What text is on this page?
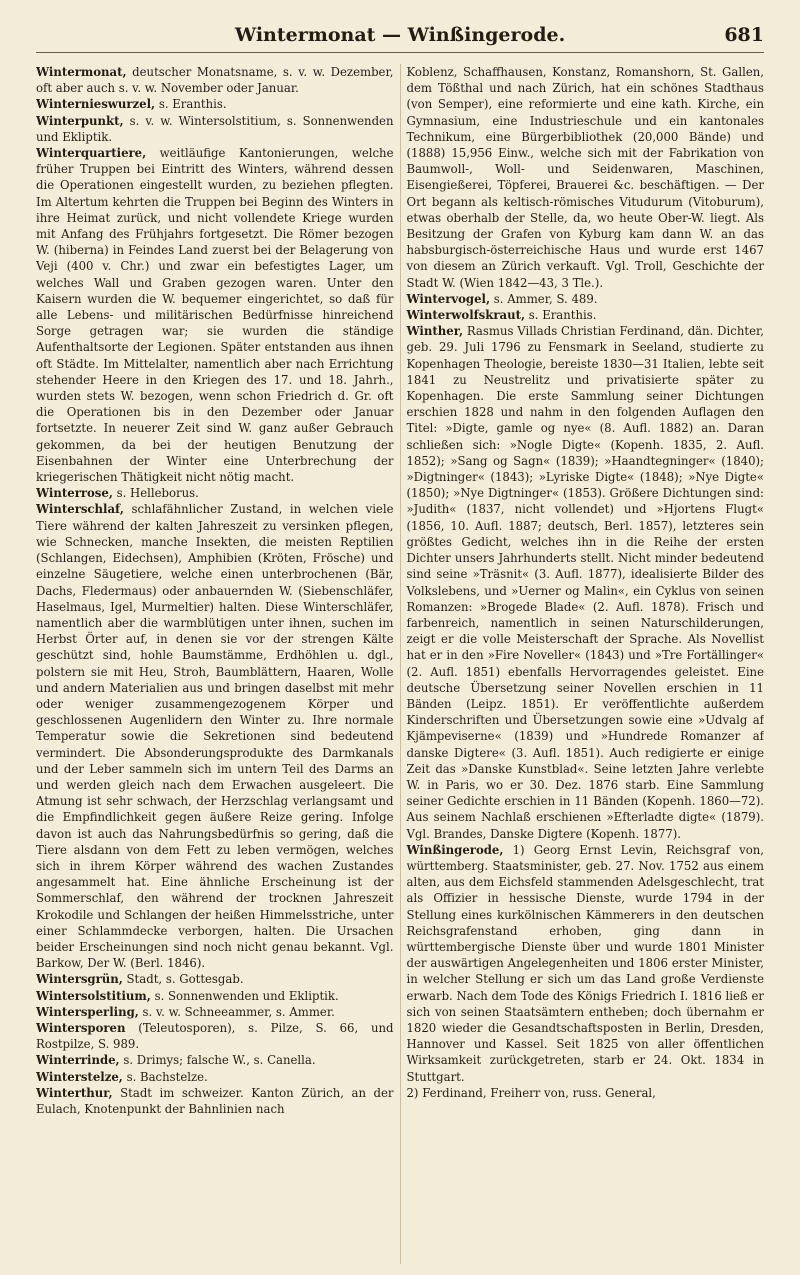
Wintermonat — Winßingerode.	681

Wintermonat, deutscher Monatsname, s. v. w. Dezember, oft aber auch s. v. w. November oder Januar.

Winternieswurzel, s. Eranthis.

Winterpunkt, s. v. w. Wintersolstitium, s. Sonnenwenden und Ekliptik.

Winterquartiere, weitläufige Kantonierungen, welche früher Truppen bei Eintritt des Winters, während dessen die Operationen eingestellt wurden, zu beziehen pflegten. Im Altertum kehrten die Truppen bei Beginn des Winters in ihre Heimat zurück, und nicht vollendete Kriege wurden mit Anfang des Frühjahrs fortgesetzt. Die Römer bezogen W. (hiberna) in Feindes Land zuerst bei der Belagerung von Veji (400 v. Chr.) und zwar ein befestigtes Lager, um welches Wall und Graben gezogen waren. Unter den Kaisern wurden die W. bequemer eingerichtet, so daß für alle Lebens- und militärischen Bedürfnisse hinreichend Sorge getragen war; sie wurden die ständige Aufenthaltsorte der Legionen. Später entstanden aus ihnen oft Städte. Im Mittelalter, namentlich aber nach Errichtung stehender Heere in den Kriegen des 17. und 18. Jahrh., wurden stets W. bezogen, wenn schon Friedrich d. Gr. oft die Operationen bis in den Dezember oder Januar fortsetzte. In neuerer Zeit sind W. ganz außer Gebrauch gekommen, da bei der heutigen Benutzung der Eisenbahnen der Winter eine Unterbrechung der kriegerischen Thätigkeit nicht nötig macht.

Winterrose, s. Helleborus.

Winterschlaf, schlafähnlicher Zustand, in welchen viele Tiere während der kalten Jahreszeit zu versinken pflegen, wie Schnecken, manche Insekten, die meisten Reptilien (Schlangen, Eidechsen), Amphibien (Kröten, Frösche) und einzelne Säugetiere, welche einen unterbrochenen (Bär, Dachs, Fledermaus) oder anbauernden W. (Siebenschläfer, Haselmaus, Igel, Murmeltier) halten. Diese Winterschläfer, namentlich aber die warmblütigen unter ihnen, suchen im Herbst Örter auf, in denen sie vor der strengen Kälte geschützt sind, hohle Baumstämme, Erdhöhlen u. dgl., polstern sie mit Heu, Stroh, Baumblättern, Haaren, Wolle und andern Materialien aus und bringen daselbst mit mehr oder weniger zusammengezogenem Körper und geschlossenen Augenlidern den Winter zu. Ihre normale Temperatur sowie die Sekretionen sind bedeutend vermindert. Die Absonderungsprodukte des Darmkanals und der Leber sammeln sich im untern Teil des Darms an und werden gleich nach dem Erwachen ausgeleert. Die Atmung ist sehr schwach, der Herzschlag verlangsamt und die Empfindlichkeit gegen äußere Reize gering. Infolge davon ist auch das Nahrungsbedürfnis so gering, daß die Tiere alsdann von dem Fett zu leben vermögen, welches sich in ihrem Körper während des wachen Zustandes angesammelt hat. Eine ähnliche Erscheinung ist der Sommerschlaf, den während der trocknen Jahreszeit Krokodile und Schlangen der heißen Himmelsstriche, unter einer Schlammdecke verborgen, halten. Die Ursachen beider Erscheinungen sind noch nicht genau bekannt. Vgl. Barkow, Der W. (Berl. 1846).

Wintersgrün, Stadt, s. Gottesgab.

Wintersolstitium, s. Sonnenwenden und Ekliptik.

Wintersperling, s. v. w. Schneeammer, s. Ammer.

Wintersporen (Teleutosporen), s. Pilze, S. 66, und Rostpilze, S. 989.

Winterrinde, s. Drimys; falsche W., s. Canella.

Winterstelze, s. Bachstelze.

Winterthur, Stadt im schweizer. Kanton Zürich, an der Eulach, Knotenpunkt der Bahnlinien nach

Koblenz, Schaffhausen, Konstanz, Romanshorn, St. Gallen, dem Tößthal und nach Zürich, hat ein schönes Stadthaus (von Semper), eine reformierte und eine kath. Kirche, ein Gymnasium, eine Industrieschule und ein kantonales Technikum, eine Bürgerbibliothek (20,000 Bände) und (1888) 15,956 Einw., welche sich mit der Fabrikation von Baumwoll-, Woll- und Seidenwaren, Maschinen, Eisengießerei, Töpferei, Brauerei &c. beschäftigen. — Der Ort begann als keltisch-römisches Vitudurum (Vitoburum), etwas oberhalb der Stelle, da, wo heute Ober-W. liegt. Als Besitzung der Grafen von Kyburg kam dann W. an das habsburgisch-österreichische Haus und wurde erst 1467 von diesem an Zürich verkauft. Vgl. Troll, Geschichte der Stadt W. (Wien 1842—43, 3 Tle.).

Wintervogel, s. Ammer, S. 489.

Winterwolfskraut, s. Eranthis.

Winther, Rasmus Villads Christian Ferdinand, dän. Dichter, geb. 29. Juli 1796 zu Fensmark in Seeland, studierte zu Kopenhagen Theologie, bereiste 1830—31 Italien, lebte seit 1841 zu Neustrelitz und privatisierte später zu Kopenhagen. Die erste Sammlung seiner Dichtungen erschien 1828 und nahm in den folgenden Auflagen den Titel: »Digte, gamle og nye« (8. Aufl. 1882) an. Daran schließen sich: »Nogle Digte« (Kopenh. 1835, 2. Aufl. 1852); »Sang og Sagn« (1839); »Haandtegninger« (1840); »Digtninger« (1843); »Lyriske Digte« (1848); »Nye Digte« (1850); »Nye Digtninger« (1853). Größere Dichtungen sind: »Judith« (1837, nicht vollendet) und »Hjortens Flugt« (1856, 10. Aufl. 1887; deutsch, Berl. 1857), letzteres sein größtes Gedicht, welches ihn in die Reihe der ersten Dichter unsers Jahrhunderts stellt. Nicht minder bedeutend sind seine »Träsnit« (3. Aufl. 1877), idealisierte Bilder des Volkslebens, und »Uerner og Malin«, ein Cyklus von seinen Romanzen: »Brogede Blade« (2. Aufl. 1878). Frisch und farbenreich, namentlich in seinen Naturschilderungen, zeigt er die volle Meisterschaft der Sprache. Als Novellist hat er in den »Fire Noveller« (1843) und »Tre Fortällinger« (2. Aufl. 1851) ebenfalls Hervorragendes geleistet. Eine deutsche Übersetzung seiner Novellen erschien in 11 Bänden (Leipz. 1851). Er veröffentlichte außerdem Kinderschriften und Übersetzungen sowie eine »Udvalg af Kjämpeviserne« (1839) und »Hundrede Romanzer af danske Digtere« (3. Aufl. 1851). Auch redigierte er einige Zeit das »Danske Kunstblad«. Seine letzten Jahre verlebte W. in Paris, wo er 30. Dez. 1876 starb. Eine Sammlung seiner Gedichte erschien in 11 Bänden (Kopenh. 1860—72). Aus seinem Nachlaß erschienen »Efterladte digte« (1879). Vgl. Brandes, Danske Digtere (Kopenh. 1877).

Winßingerode, 1) Georg Ernst Levin, Reichsgraf von, württemberg. Staatsminister, geb. 27. Nov. 1752 aus einem alten, aus dem Eichsfeld stammenden Adelsgeschlecht, trat als Offizier in hessische Dienste, wurde 1794 in der Stellung eines kurkölnischen Kämmerers in den deutschen Reichsgrafenstand erhoben, ging dann in württembergische Dienste über und wurde 1801 Minister der auswärtigen Angelegenheiten und 1806 erster Minister, in welcher Stellung er sich um das Land große Verdienste erwarb. Nach dem Tode des Königs Friedrich I. 1816 ließ er sich von seinen Staatsämtern entheben; doch übernahm er 1820 wieder die Gesandtschaftsposten in Berlin, Dresden, Hannover und Kassel. Seit 1825 von aller öffentlichen Wirksamkeit zurückgetreten, starb er 24. Okt. 1834 in Stuttgart.

2) Ferdinand, Freiherr von, russ. General,
